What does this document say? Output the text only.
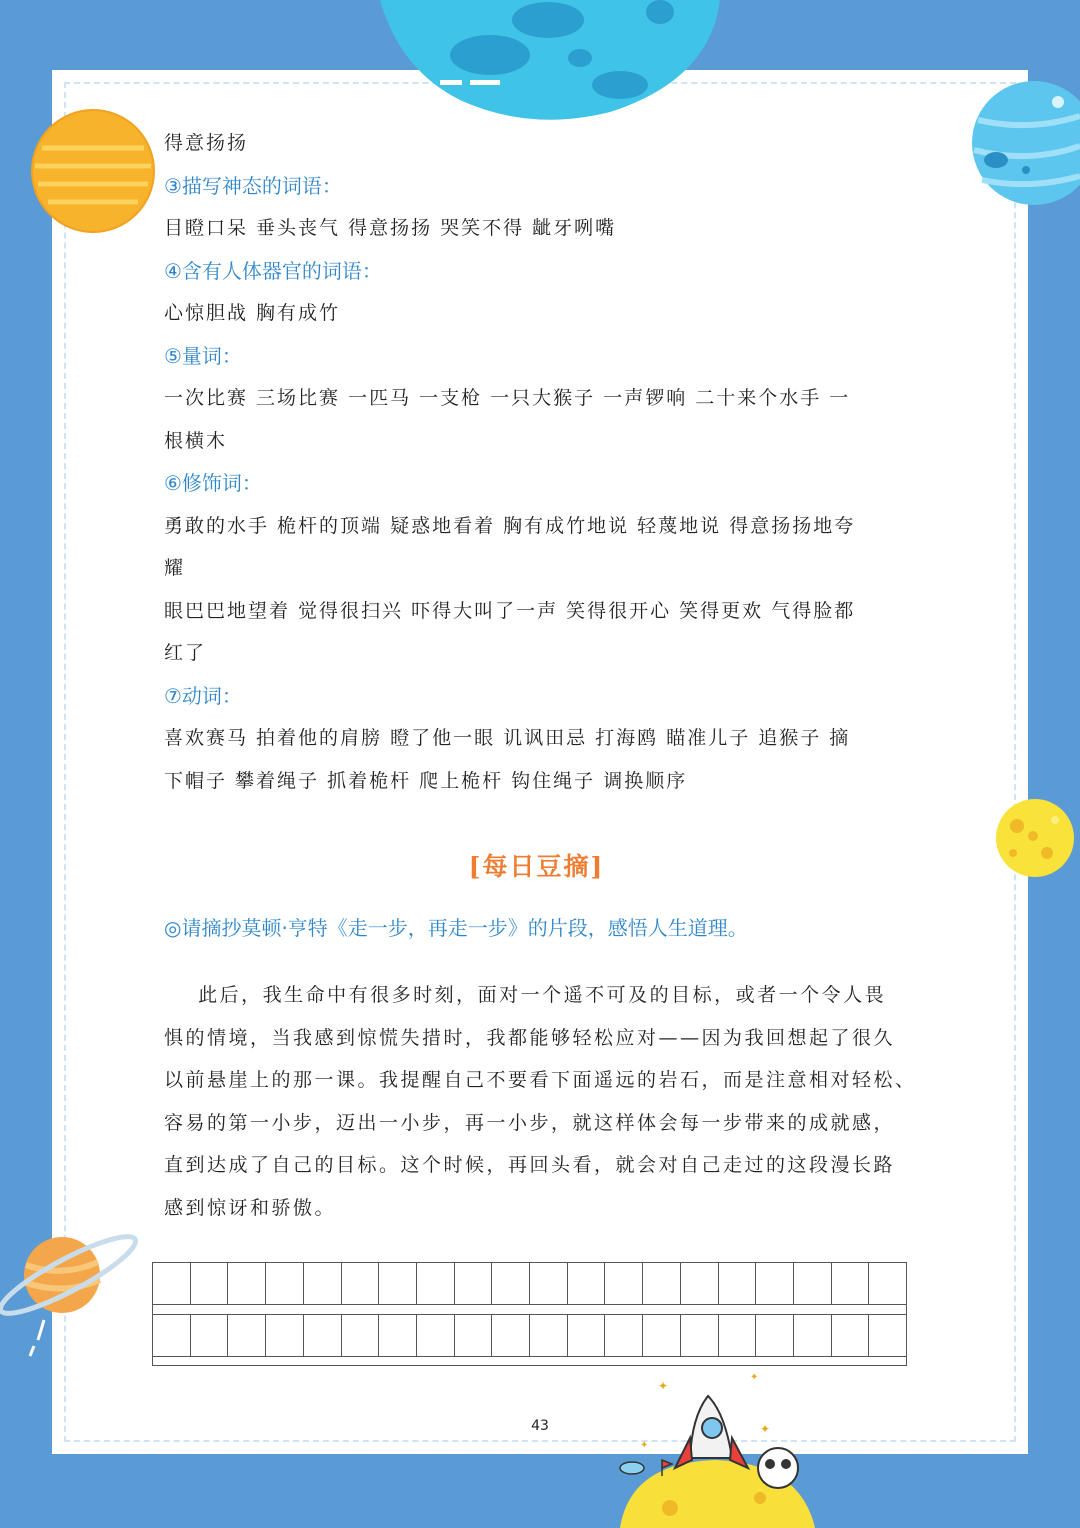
✦
✦
✦
✦
得意扬扬
③描写神态的词语：
目瞪口呆 垂头丧气 得意扬扬 哭笑不得 龇牙咧嘴
④含有人体器官的词语：
心惊胆战 胸有成竹
⑤量词：
一次比赛 三场比赛 一匹马 一支枪 一只大猴子 一声锣响 二十来个水手 一
根横木
⑥修饰词：
勇敢的水手 桅杆的顶端 疑惑地看着 胸有成竹地说 轻蔑地说 得意扬扬地夸
耀
眼巴巴地望着 觉得很扫兴 吓得大叫了一声 笑得很开心 笑得更欢 气得脸都
红了
⑦动词：
喜欢赛马 拍着他的肩膀 瞪了他一眼 讥讽田忌 打海鸥 瞄准儿子 追猴子 摘
下帽子 攀着绳子 抓着桅杆 爬上桅杆 钩住绳子 调换顺序
[每日豆摘]
◎请摘抄莫顿·亨特《走一步，再走一步》的片段，感悟人生道理。
此后，我生命中有很多时刻，面对一个遥不可及的目标，或者一个令人畏
惧的情境，当我感到惊慌失措时，我都能够轻松应对——因为我回想起了很久
以前悬崖上的那一课。我提醒自己不要看下面遥远的岩石，而是注意相对轻松、
容易的第一小步，迈出一小步，再一小步，就这样体会每一步带来的成就感，
直到达成了自己的目标。这个时候，再回头看，就会对自己走过的这段漫长路
感到惊讶和骄傲。
43
